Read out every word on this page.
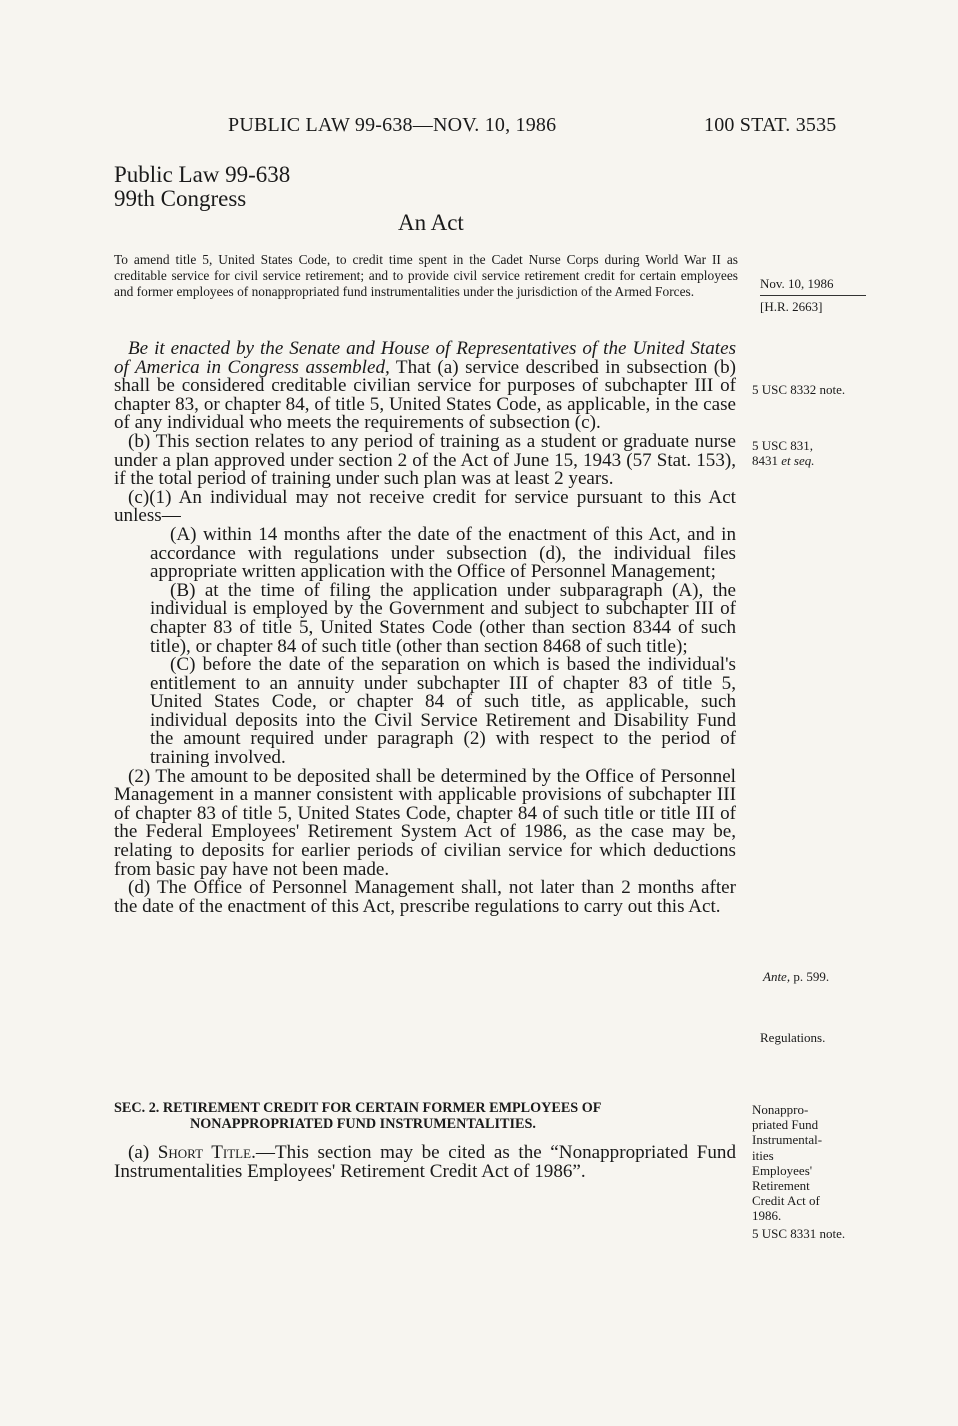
PUBLIC LAW 99-638—NOV. 10, 1986	100 STAT. 3535
Public Law 99-638
99th Congress
An Act

To amend title 5, United States Code, to credit time spent in the Cadet Nurse Corps during World War II as creditable service for civil service retirement; and to provide civil service retirement credit for certain employees and former employees of nonappropriated fund instrumentalities under the jurisdiction of the Armed Forces.

Nov. 10, 1986
[H.R. 2663]
5 USC 8332 note.
5 USC 831,
8431 et seq.
Ante, p. 599.
Regulations.
Nonappro-
priated Fund
Instrumental-
ities
Employees'
Retirement
Credit Act of
1986.
5 USC 8331 note.

Be it enacted by the Senate and House of Representatives of the United States of America in Congress assembled, That (a) service described in subsection (b) shall be considered creditable civilian service for purposes of subchapter III of chapter 83, or chapter 84, of title 5, United States Code, as applicable, in the case of any individual who meets the requirements of subsection (c).

(b) This section relates to any period of training as a student or graduate nurse under a plan approved under section 2 of the Act of June 15, 1943 (57 Stat. 153), if the total period of training under such plan was at least 2 years.

(c)(1) An individual may not receive credit for service pursuant to this Act unless—

(A) within 14 months after the date of the enactment of this Act, and in accordance with regulations under subsection (d), the individual files appropriate written application with the Office of Personnel Management;

(B) at the time of filing the application under subparagraph (A), the individual is employed by the Government and subject to subchapter III of chapter 83 of title 5, United States Code (other than section 8344 of such title), or chapter 84 of such title (other than section 8468 of such title);

(C) before the date of the separation on which is based the individual's entitlement to an annuity under subchapter III of chapter 83 of title 5, United States Code, or chapter 84 of such title, as applicable, such individual deposits into the Civil Service Retirement and Disability Fund the amount required under paragraph (2) with respect to the period of training involved.

(2) The amount to be deposited shall be determined by the Office of Personnel Management in a manner consistent with applicable provisions of subchapter III of chapter 83 of title 5, United States Code, chapter 84 of such title or title III of the Federal Employees' Retirement System Act of 1986, as the case may be, relating to deposits for earlier periods of civilian service for which deductions from basic pay have not been made.

(d) The Office of Personnel Management shall, not later than 2 months after the date of the enactment of this Act, prescribe regulations to carry out this Act.

SEC. 2. RETIREMENT CREDIT FOR CERTAIN FORMER EMPLOYEES OF
NONAPPROPRIATED FUND INSTRUMENTALITIES.

(a) Short Title.—This section may be cited as the “Nonappropriated Fund Instrumentalities Employees' Retirement Credit Act of 1986”.
